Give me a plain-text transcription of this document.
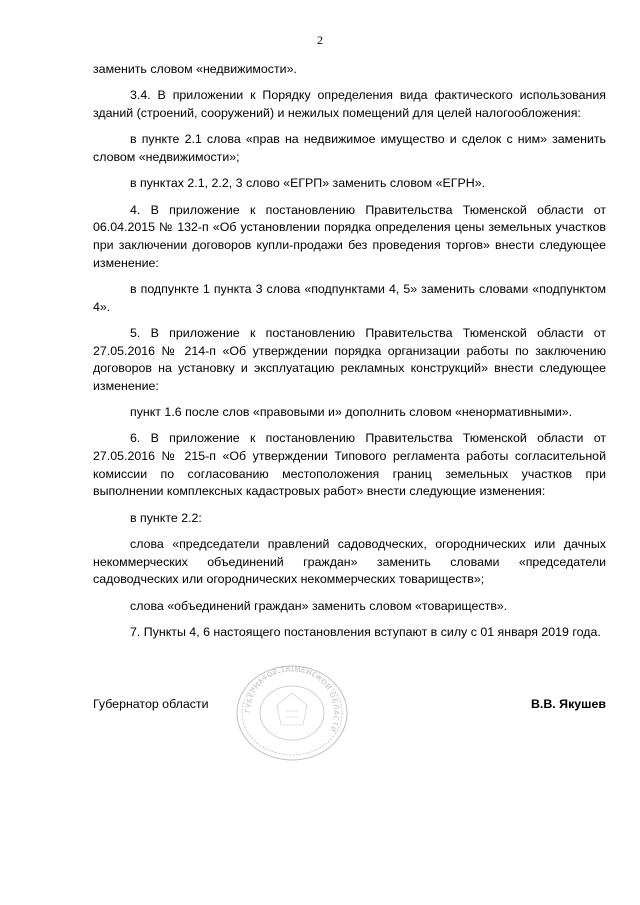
2

заменить словом «недвижимости».

3.4. В приложении к Порядку определения вида фактического использования зданий (строений, сооружений) и нежилых помещений для целей налогообложения:

в пункте 2.1 слова «прав на недвижимое имущество и сделок с ним» заменить словом «недвижимости»;

в пунктах 2.1, 2.2, 3 слово «ЕГРП» заменить словом «ЕГРН».

4. В приложение к постановлению Правительства Тюменской области от 06.04.2015 № 132-п «Об установлении порядка определения цены земельных участков при заключении договоров купли-продажи без проведения торгов» внести следующее изменение:

в подпункте 1 пункта 3 слова «подпунктами 4, 5» заменить словами «подпунктом 4».

5. В приложение к постановлению Правительства Тюменской области от 27.05.2016 № 214-п «Об утверждении порядка организации работы по заключению договоров на установку и эксплуатацию рекламных конструкций» внести следующее изменение:

пункт 1.6 после слов «правовыми и» дополнить словом «ненормативными».

6. В приложение к постановлению Правительства Тюменской области от 27.05.2016 № 215-п «Об утверждении Типового регламента работы согласительной комиссии по согласованию местоположения границ земельных участков при выполнении комплексных кадастровых работ» внести следующие изменения:

в пункте 2.2:

слова «председатели правлений садоводческих, огороднических или дачных некоммерческих объединений граждан» заменить словами «председатели садоводческих или огороднических некоммерческих товариществ»;

слова «объединений граждан» заменить словом «товариществ».

7. Пункты 4, 6 настоящего постановления вступают в силу с 01 января 2019 года.

ГУБЕРНАТОР ТЮМЕНСКОЙ ОБЛАСТИ
Губернатор области	В.В. Якушев
